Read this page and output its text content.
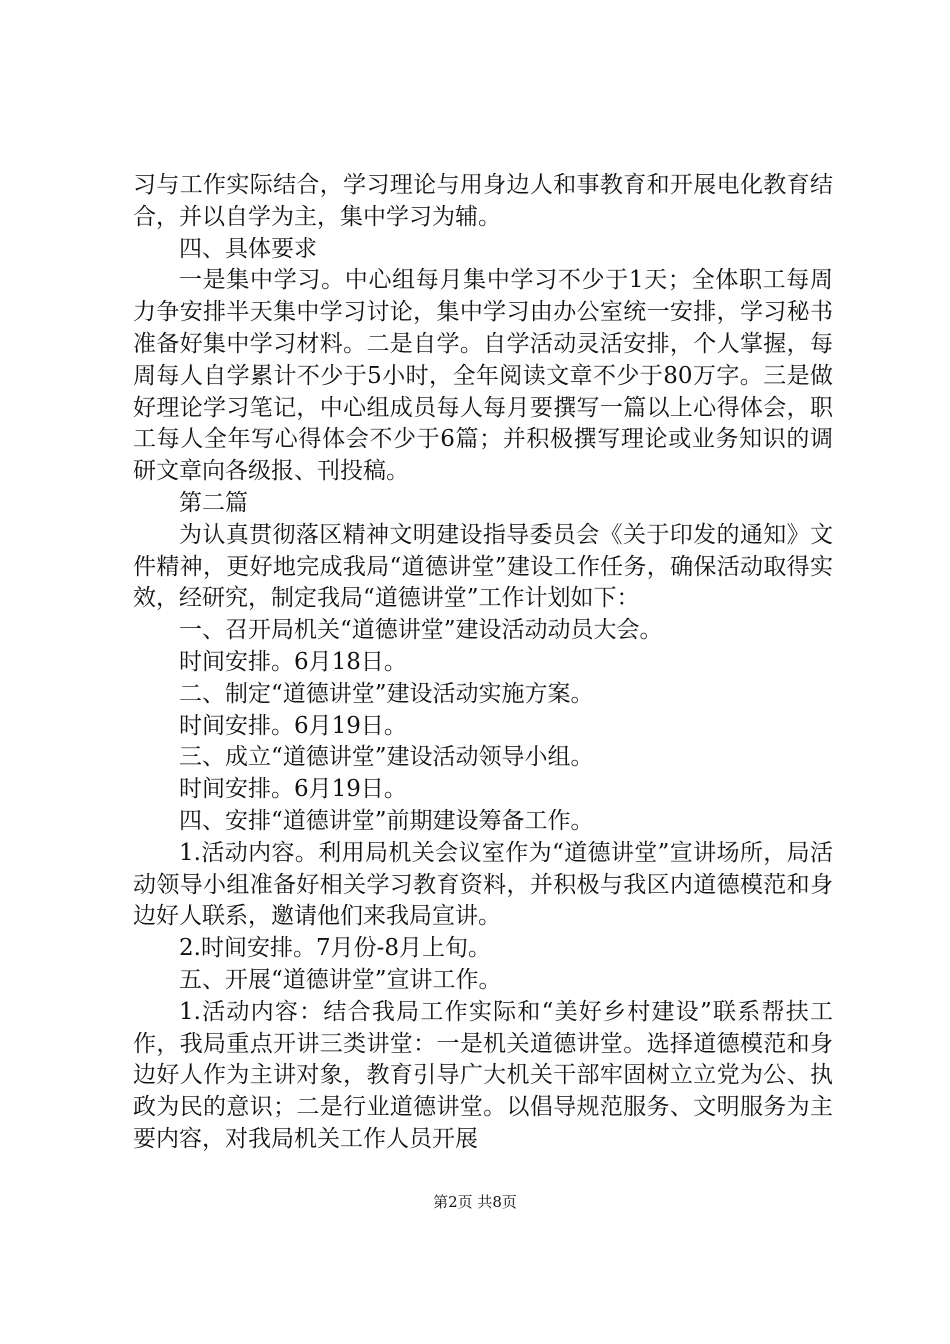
习与工作实际结合，学习理论与用身边人和事教育和开展电化教育结合，并以自学为主，集中学习为辅。

四、具体要求

一是集中学习。中心组每月集中学习不少于1天；全体职工每周力争安排半天集中学习讨论，集中学习由办公室统一安排，学习秘书准备好集中学习材料。二是自学。自学活动灵活安排，个人掌握，每周每人自学累计不少于5小时，全年阅读文章不少于80万字。三是做好理论学习笔记，中心组成员每人每月要撰写一篇以上心得体会，职工每人全年写心得体会不少于6篇；并积极撰写理论或业务知识的调研文章向各级报、刊投稿。

第二篇

为认真贯彻落区精神文明建设指导委员会《关于印发的通知》文件精神，更好地完成我局“道德讲堂”建设工作任务，确保活动取得实效，经研究，制定我局“道德讲堂”工作计划如下：

一、召开局机关“道德讲堂”建设活动动员大会。

时间安排。6月18日。

二、制定“道德讲堂”建设活动实施方案。

时间安排。6月19日。

三、成立“道德讲堂”建设活动领导小组。

时间安排。6月19日。

四、安排“道德讲堂”前期建设筹备工作。

1.活动内容。利用局机关会议室作为“道德讲堂”宣讲场所，局活动领导小组准备好相关学习教育资料，并积极与我区内道德模范和身边好人联系，邀请他们来我局宣讲。

2.时间安排。7月份-8月上旬。

五、开展“道德讲堂”宣讲工作。

1.活动内容：结合我局工作实际和“美好乡村建设”联系帮扶工作，我局重点开讲三类讲堂：一是机关道德讲堂。选择道德模范和身边好人作为主讲对象，教育引导广大机关干部牢固树立立党为公、执政为民的意识；二是行业道德讲堂。以倡导规范服务、文明服务为主要内容，对我局机关工作人员开展

第2页 共8页
